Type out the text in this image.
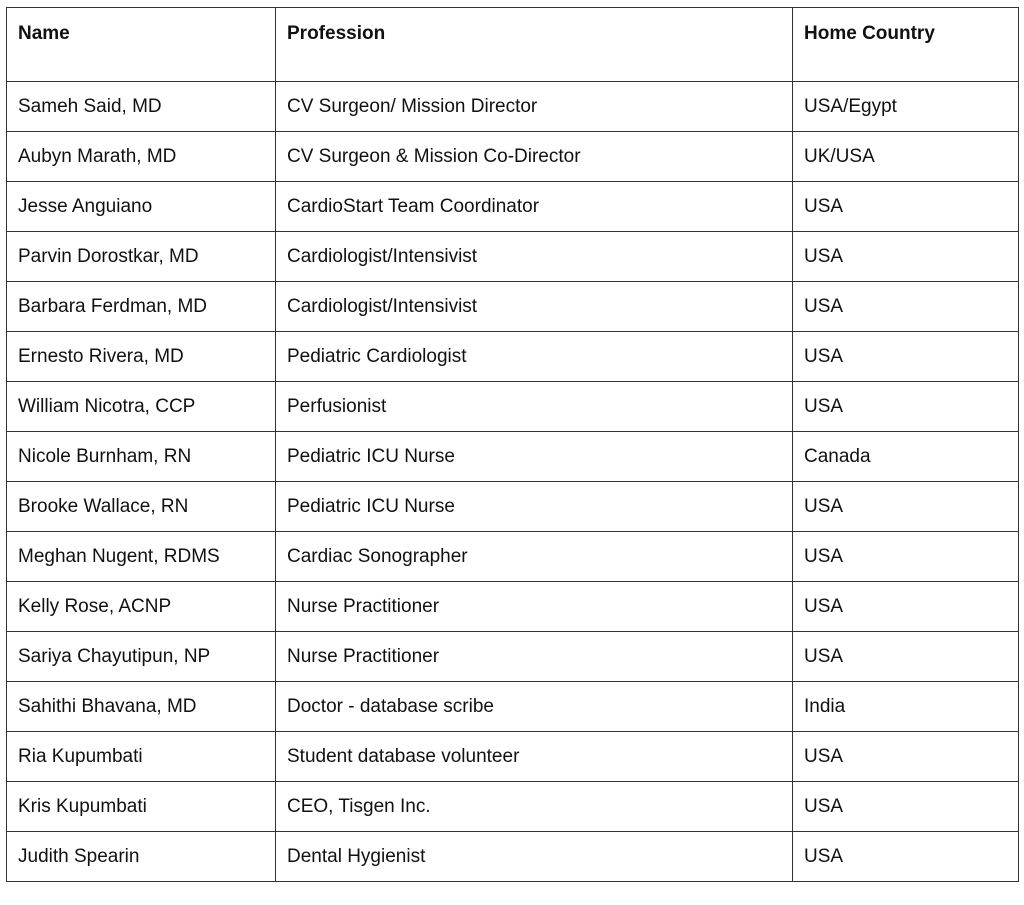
Name	Profession	Home Country
Sameh Said, MD	CV Surgeon/ Mission Director	USA/Egypt
Aubyn Marath, MD	CV Surgeon & Mission Co-Director	UK/USA
Jesse Anguiano	CardioStart Team Coordinator	USA
Parvin Dorostkar, MD	Cardiologist/Intensivist	USA
Barbara Ferdman, MD	Cardiologist/Intensivist	USA
Ernesto Rivera, MD	Pediatric Cardiologist	USA
William Nicotra, CCP	Perfusionist	USA
Nicole Burnham, RN	Pediatric ICU Nurse	Canada
Brooke Wallace, RN	Pediatric ICU Nurse	USA
Meghan Nugent, RDMS	Cardiac Sonographer	USA
Kelly Rose, ACNP	Nurse Practitioner	USA
Sariya Chayutipun, NP	Nurse Practitioner	USA
Sahithi Bhavana, MD	Doctor - database scribe	India
Ria Kupumbati	Student database volunteer	USA
Kris Kupumbati	CEO, Tisgen Inc.	USA
Judith Spearin	Dental Hygienist	USA
